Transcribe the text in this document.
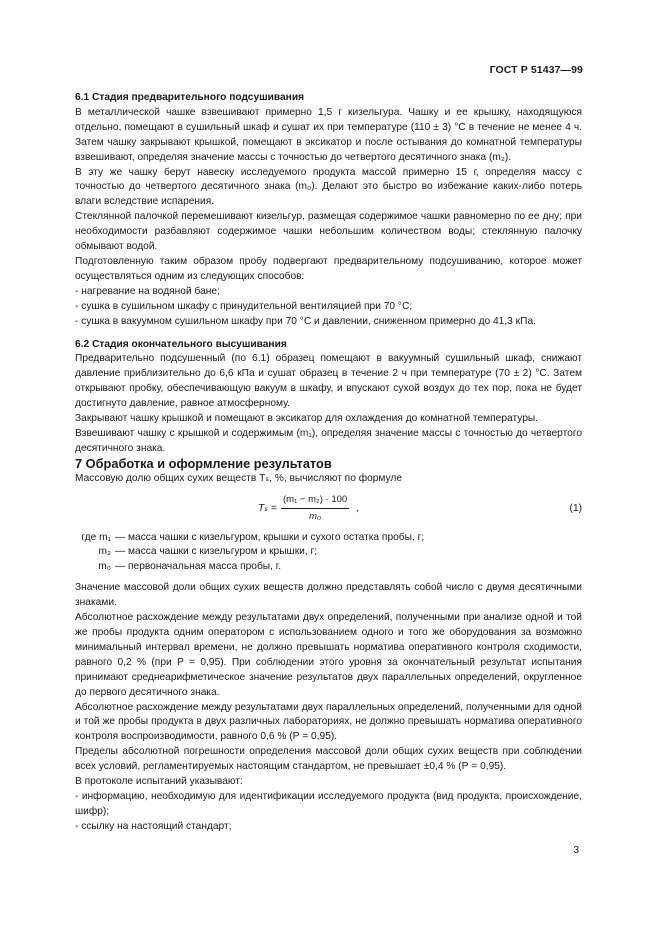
ГОСТ Р 51437—99

6.1 Стадия предварительного подсушивания

В металлической чашке взвешивают примерно 1,5 г кизельгура. Чашку и ее крышку, находящуюся отдельно, помещают в сушильный шкаф и сушат их при температуре (110 ± 3) °С в течение не менее 4 ч. Затем чашку закрывают крышкой, помещают в эксикатор и после остывания до комнатной температуры взвешивают, определяя значение массы с точностью до четвертого десятичного знака (m₂).

В эту же чашку берут навеску исследуемого продукта массой примерно 15 г, определяя массу с точностью до четвертого десятичного знака (m₀). Делают это быстро во избежание каких-либо потерь влаги вследствие испарения.

Стеклянной палочкой перемешивают кизельгур, размещая содержимое чашки равномерно по ее дну; при необходимости разбавляют содержимое чашки небольшим количеством воды; стеклянную палочку обмывают водой.

Подготовленную таким образом пробу подвергают предварительному подсушиванию, которое может осуществляться одним из следующих способов:

- нагревание на водяной бане;

- сушка в сушильном шкафу с принудительной вентиляцией при 70 °С;

- сушка в вакуумном сушильном шкафу при 70 °С и давлении, сниженном примерно до 41,3 кПа.

6.2 Стадия окончательного высушивания

Предварительно подсушенный (по 6.1) образец помещают в вакуумный сушильный шкаф, снижают давление приблизительно до 6,6 кПа и сушат образец в течение 2 ч при температуре (70 ± 2) °С. Затем открывают пробку, обеспечивающую вакуум в шкафу, и впускают сухой воздух до тех пор, пока не будет достигнуто давление, равное атмосферному.

Закрывают чашку крышкой и помещают в эксикатор для охлаждения до комнатной температуры.

Взвешивают чашку с крышкой и содержимым (m₁), определяя значение массы с точностью до четвертого десятичного знака.

7 Обработка и оформление результатов

Массовую долю общих сухих веществ Tₛ, %, вычисляют по формуле

$T_s = \frac{\text{(m₁ − m₂) · 100}}{\text{m₀}}$ ,	(1)
где m₁ — масса чашки с кизельгуром, крышки и сухого остатка пробы, г;
m₂ — масса чашки с кизельгуром и крышки, г;
m₀ — первоначальная масса пробы, г.

Значение массовой доли общих сухих веществ должно представлять собой число с двумя десятичными знаками.

Абсолютное расхождение между результатами двух определений, полученными при анализе одной и той же пробы продукта одним оператором с использованием одного и того же оборудования за возможно минимальный интервал времени, не должно превышать норматива оперативного контроля сходимости, равного 0,2 % (при Р = 0,95). При соблюдении этого уровня за окончательный результат испытания принимают среднеарифметическое значение результатов двух параллельных определений, округленное до первого десятичного знака.

Абсолютное расхождение между результатами двух параллельных определений, полученными для одной и той же пробы продукта в двух различных лабораториях, не должно превышать норматива оперативного контроля воспроизводимости, равного 0,6 % (Р = 0,95).

Пределы абсолютной погрешности определения массовой доли общих сухих веществ при соблюдении всех условий, регламентируемых настоящим стандартом, не превышает ±0,4 % (Р = 0,95).

В протоколе испытаний указывают:

- информацию, необходимую для идентификации исследуемого продукта (вид продукта, происхождение, шифр);

- ссылку на настоящий стандарт;

3
